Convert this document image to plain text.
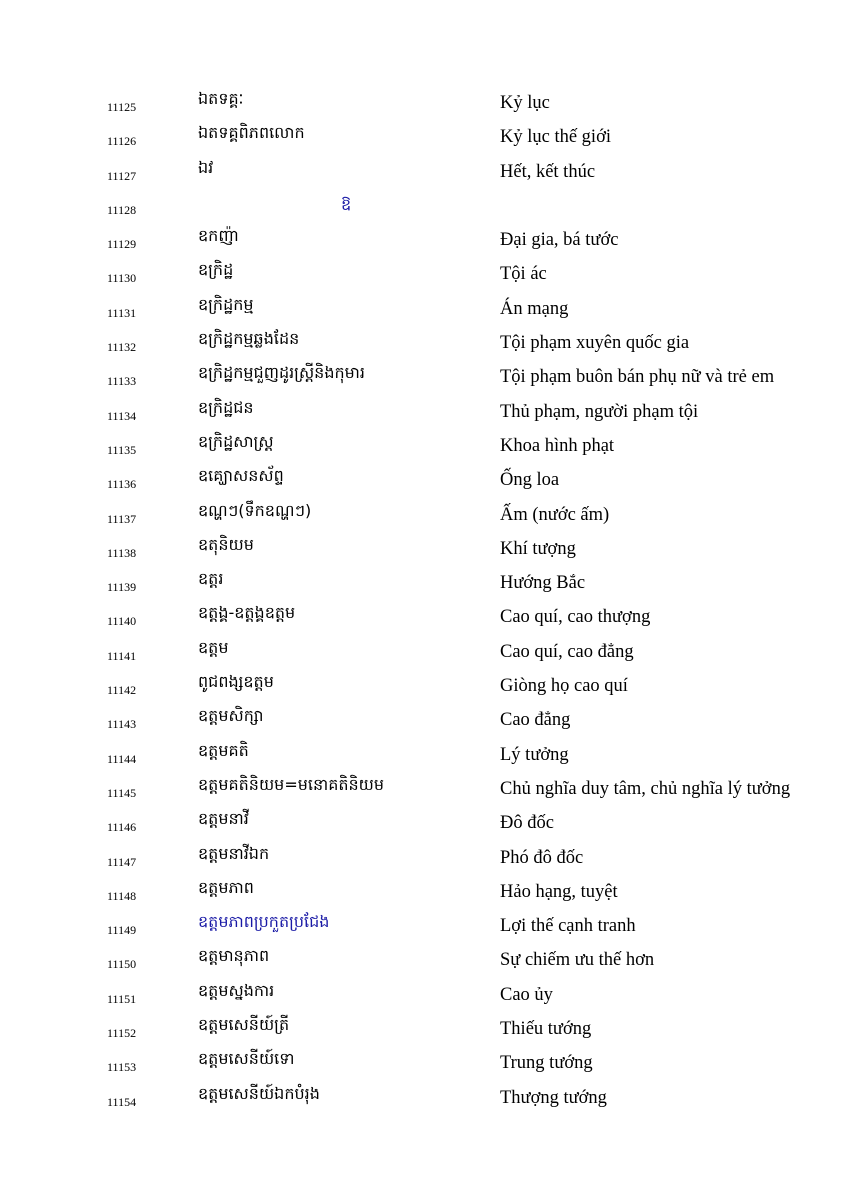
11125	ឯតទគ្គៈ	Kỷ lục
11126	ឯតទគ្គពិភពលោក	Kỷ lục thế giới
11127	ឯវ	Hết, kết thúc
11128	ឱ
11129	ឧកញ៉ា	Đại gia, bá tước
11130	ឧក្រិដ្ឋ	Tội ác
11131	ឧក្រិដ្ឋកម្ម	Án mạng
11132	ឧក្រិដ្ឋកម្មឆ្លងដែន	Tội phạm xuyên quốc gia
11133	ឧក្រិដ្ឋកម្មជួញដូរស្ត្រីនិងកុមារ	Tội phạm buôn bán phụ nữ và trẻ em
11134	ឧក្រិដ្ឋជន	Thủ phạm, người phạm tội
11135	ឧក្រិដ្ឋសាស្ត្រ	Khoa hình phạt
11136	ឧគ្ឃោសនស័ព្ទ	Ống loa
11137	ឧណ្ហៗ(ទឹកឧណ្ហៗ)	Ấm (nước ấm)
11138	ឧតុនិយម	Khí tượng
11139	ឧត្តរ	Hướng Bắc
11140	ឧត្តង្គ-ឧត្តង្គឧត្តម	Cao quí, cao thượng
11141	ឧត្តម	Cao quí, cao đẳng
11142	ពូជពង្សឧត្តម	Giòng họ cao quí
11143	ឧត្តមសិក្សា	Cao đẳng
11144	ឧត្តមគតិ	Lý tưởng
11145	ឧត្តមគតិនិយម=មនោគតិនិយម	Chủ nghĩa duy tâm, chủ nghĩa lý tưởng
11146	ឧត្តមនាវី	Đô đốc
11147	ឧត្តមនាវីឯក	Phó đô đốc
11148	ឧត្តមភាព	Hảo hạng, tuyệt
11149	ឧត្តមភាពប្រកួតប្រជែង	Lợi thế cạnh tranh
11150	ឧត្តមានុភាព	Sự chiếm ưu thế hơn
11151	ឧត្តមស្នងការ	Cao ủy
11152	ឧត្តមសេនីយ៍ត្រី	Thiếu tướng
11153	ឧត្តមសេនីយ៍ទោ	Trung tướng
11154	ឧត្តមសេនីយ៍ឯកបំរុង	Thượng tướng
